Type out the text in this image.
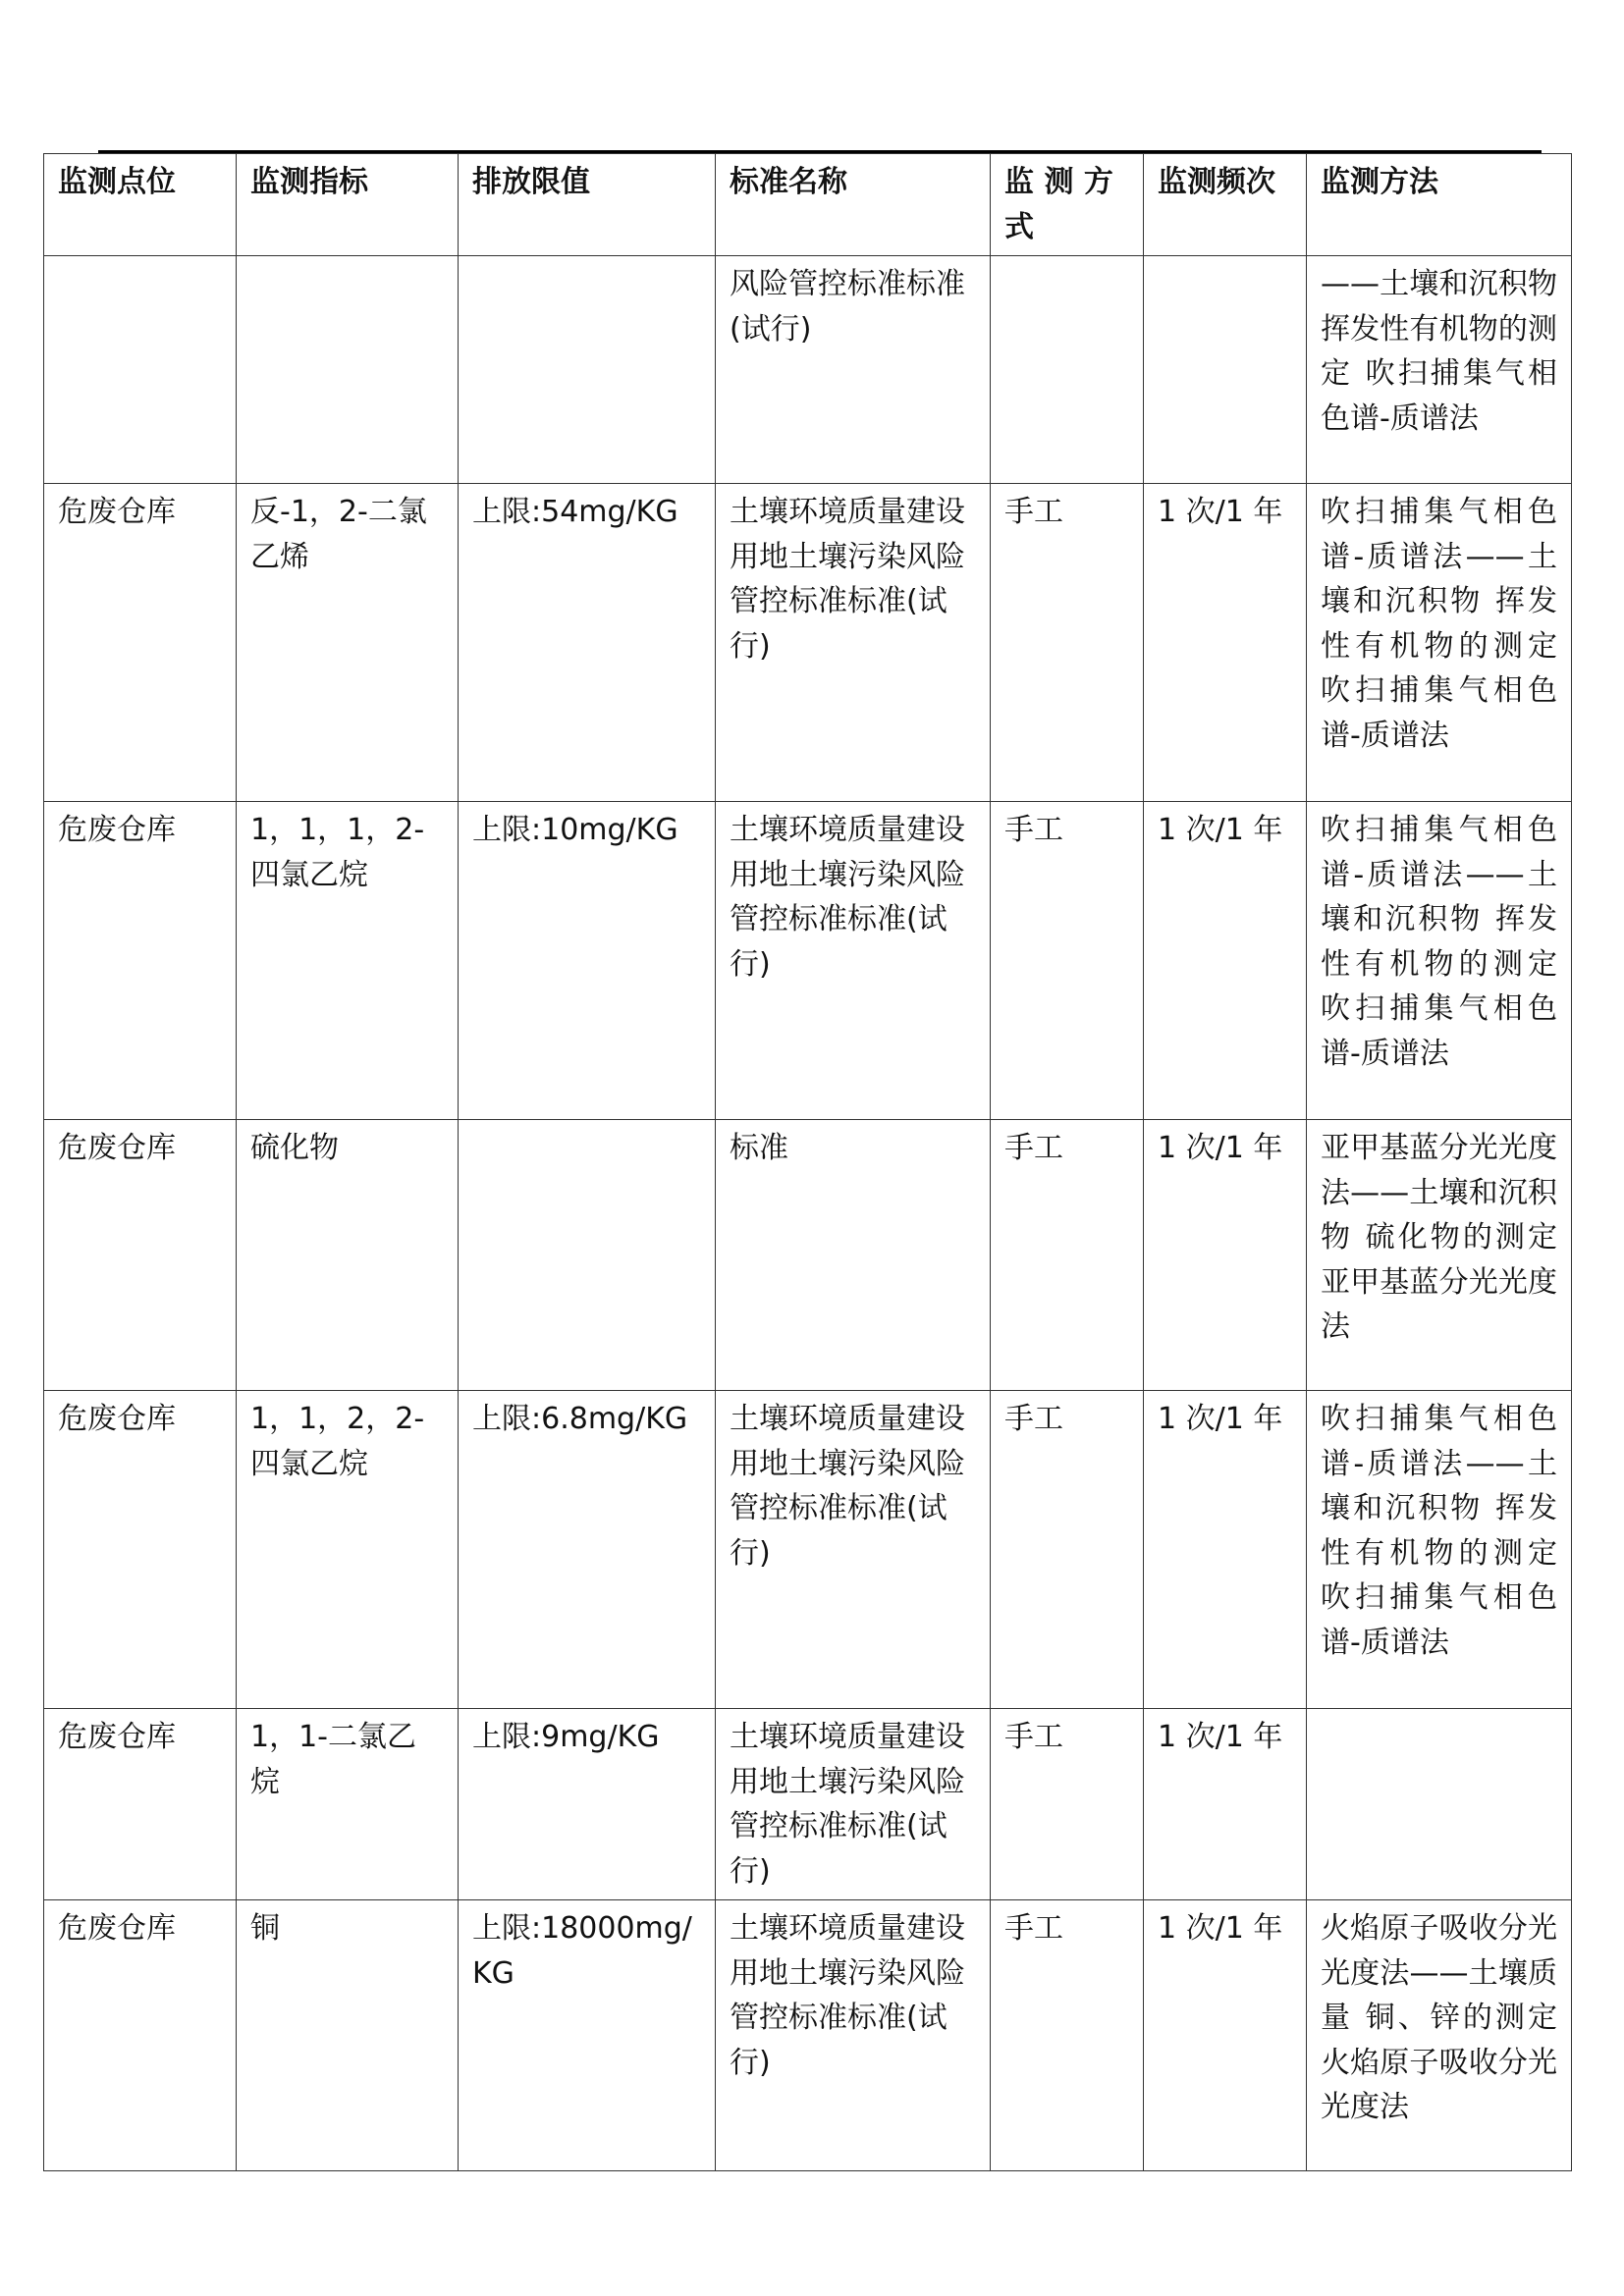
监测点位	监测指标	排放限值	标准名称	监 测 方 式	监测频次	监测方法
			风险管控标准标准(试行)			——土壤和沉积物 挥发性有机物的测定 吹扫捕集气相色谱-质谱法
危废仓库	反-1，2-二氯乙烯	上限:54mg/KG	土壤环境质量建设用地土壤污染风险管控标准标准(试行)	手工	1 次/1 年	吹扫捕集气相色谱-质谱法——土壤和沉积物 挥发性有机物的测定 吹扫捕集气相色谱-质谱法
危废仓库	1，1，1，2-四氯乙烷	上限:10mg/KG	土壤环境质量建设用地土壤污染风险管控标准标准(试行)	手工	1 次/1 年	吹扫捕集气相色谱-质谱法——土壤和沉积物 挥发性有机物的测定 吹扫捕集气相色谱-质谱法
危废仓库	硫化物		标准	手工	1 次/1 年	亚甲基蓝分光光度法——土壤和沉积物 硫化物的测定 亚甲基蓝分光光度法
危废仓库	1，1，2，2-四氯乙烷	上限:6.8mg/KG	土壤环境质量建设用地土壤污染风险管控标准标准(试行)	手工	1 次/1 年	吹扫捕集气相色谱-质谱法——土壤和沉积物 挥发性有机物的测定 吹扫捕集气相色谱-质谱法
危废仓库	1，1-二氯乙烷	上限:9mg/KG	土壤环境质量建设用地土壤污染风险管控标准标准(试行)	手工	1 次/1 年	
危废仓库	铜	上限:18000mg/KG	土壤环境质量建设用地土壤污染风险管控标准标准(试行)	手工	1 次/1 年	火焰原子吸收分光光度法——土壤质量 铜、锌的测定 火焰原子吸收分光光度法
